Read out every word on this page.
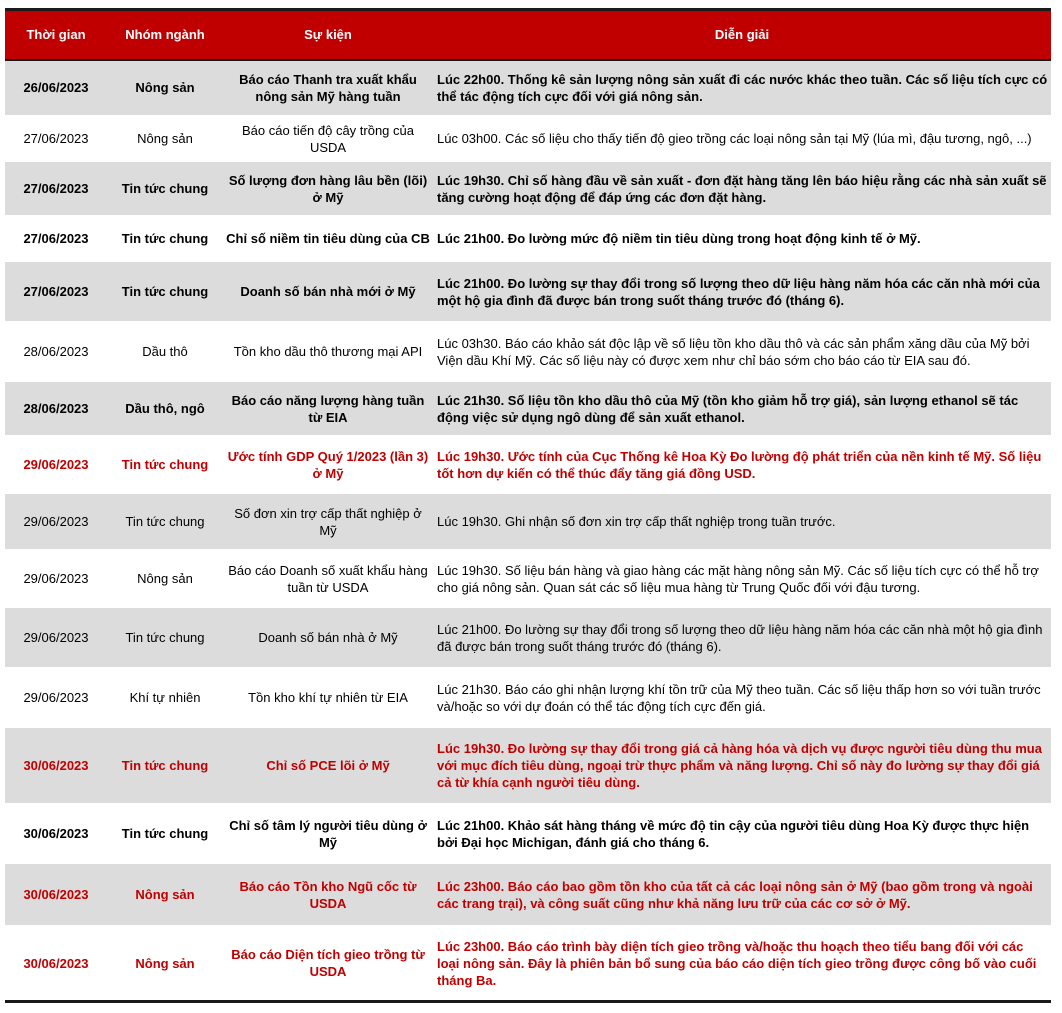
Thời gian	Nhóm ngành	Sự kiện	Diễn giải
26/06/2023	Nông sản	Báo cáo Thanh tra xuất khẩu nông sản Mỹ hàng tuần	Lúc 22h00. Thống kê sản lượng nông sản xuất đi các nước khác theo tuần. Các số liệu tích cực có thể tác động tích cực đối với giá nông sản.
27/06/2023	Nông sản	Báo cáo tiến độ cây trồng của USDA	Lúc 03h00. Các số liệu cho thấy tiến độ gieo trồng các loại nông sản tại Mỹ (lúa mì, đậu tương, ngô, ...)
27/06/2023	Tin tức chung	Số lượng đơn hàng lâu bền (lõi) ở Mỹ	Lúc 19h30. Chỉ số hàng đầu về sản xuất - đơn đặt hàng tăng lên báo hiệu rằng các nhà sản xuất sẽ tăng cường hoạt động để đáp ứng các đơn đặt hàng.
27/06/2023	Tin tức chung	Chỉ số niềm tin tiêu dùng của CB	Lúc 21h00. Đo lường mức độ niềm tin tiêu dùng trong hoạt động kinh tế ở Mỹ.
27/06/2023	Tin tức chung	Doanh số bán nhà mới ở Mỹ	Lúc 21h00. Đo lường sự thay đổi trong số lượng theo dữ liệu hàng năm hóa các căn nhà mới của một hộ gia đình đã được bán trong suốt tháng trước đó (tháng 6).
28/06/2023	Dầu thô	Tồn kho dầu thô thương mại API	Lúc 03h30. Báo cáo khảo sát độc lập về số liệu tồn kho dầu thô và các sản phẩm xăng dầu của Mỹ bởi Viện dầu Khí Mỹ. Các số liệu này có được xem như chỉ báo sớm cho báo cáo từ EIA sau đó.
28/06/2023	Dầu thô, ngô	Báo cáo năng lượng hàng tuần từ EIA	Lúc 21h30. Số liệu tồn kho dầu thô của Mỹ (tồn kho giảm hỗ trợ giá), sản lượng ethanol sẽ tác động việc sử dụng ngô dùng để sản xuất ethanol.
29/06/2023	Tin tức chung	Ước tính GDP Quý 1/2023 (lần 3) ở Mỹ	Lúc 19h30. Ước tính của Cục Thống kê Hoa Kỳ Đo lường độ phát triển của nền kinh tế Mỹ. Số liệu tốt hơn dự kiến có thể thúc đẩy tăng giá đồng USD.
29/06/2023	Tin tức chung	Số đơn xin trợ cấp thất nghiệp ở Mỹ	Lúc 19h30. Ghi nhận số đơn xin trợ cấp thất nghiệp trong tuần trước.
29/06/2023	Nông sản	Báo cáo Doanh số xuất khẩu hàng tuần từ USDA	Lúc 19h30. Số liệu bán hàng và giao hàng các mặt hàng nông sản Mỹ. Các số liệu tích cực có thể hỗ trợ cho giá nông sản. Quan sát các số liệu mua hàng từ Trung Quốc đối với đậu tương.
29/06/2023	Tin tức chung	Doanh số bán nhà ở Mỹ	Lúc 21h00. Đo lường sự thay đổi trong số lượng theo dữ liệu hàng năm hóa các căn nhà một hộ gia đình đã được bán trong suốt tháng trước đó (tháng 6).
29/06/2023	Khí tự nhiên	Tồn kho khí tự nhiên từ EIA	Lúc 21h30. Báo cáo ghi nhận lượng khí tồn trữ của Mỹ theo tuần. Các số liệu thấp hơn so với tuần trước và/hoặc so với dự đoán có thể tác động tích cực đến giá.
30/06/2023	Tin tức chung	Chỉ số PCE lõi ở Mỹ	Lúc 19h30. Đo lường sự thay đổi trong giá cả hàng hóa và dịch vụ được người tiêu dùng thu mua với mục đích tiêu dùng, ngoại trừ thực phẩm và năng lượng. Chỉ số này đo lường sự thay đổi giá cả từ khía cạnh người tiêu dùng.
30/06/2023	Tin tức chung	Chỉ số tâm lý người tiêu dùng ở Mỹ	Lúc 21h00. Khảo sát hàng tháng về mức độ tin cậy của người tiêu dùng Hoa Kỳ được thực hiện bởi Đại học Michigan, đánh giá cho tháng 6.
30/06/2023	Nông sản	Báo cáo Tồn kho Ngũ cốc từ USDA	Lúc 23h00. Báo cáo bao gồm tồn kho của tất cả các loại nông sản ở Mỹ (bao gồm trong và ngoài các trang trại), và công suất cũng như khả năng lưu trữ của các cơ sở ở Mỹ.
30/06/2023	Nông sản	Báo cáo Diện tích gieo trồng từ USDA	Lúc 23h00. Báo cáo trình bày diện tích gieo trồng và/hoặc thu hoạch theo tiểu bang đối với các loại nông sản. Đây là phiên bản bổ sung của báo cáo diện tích gieo trồng được công bố vào cuối tháng Ba.
